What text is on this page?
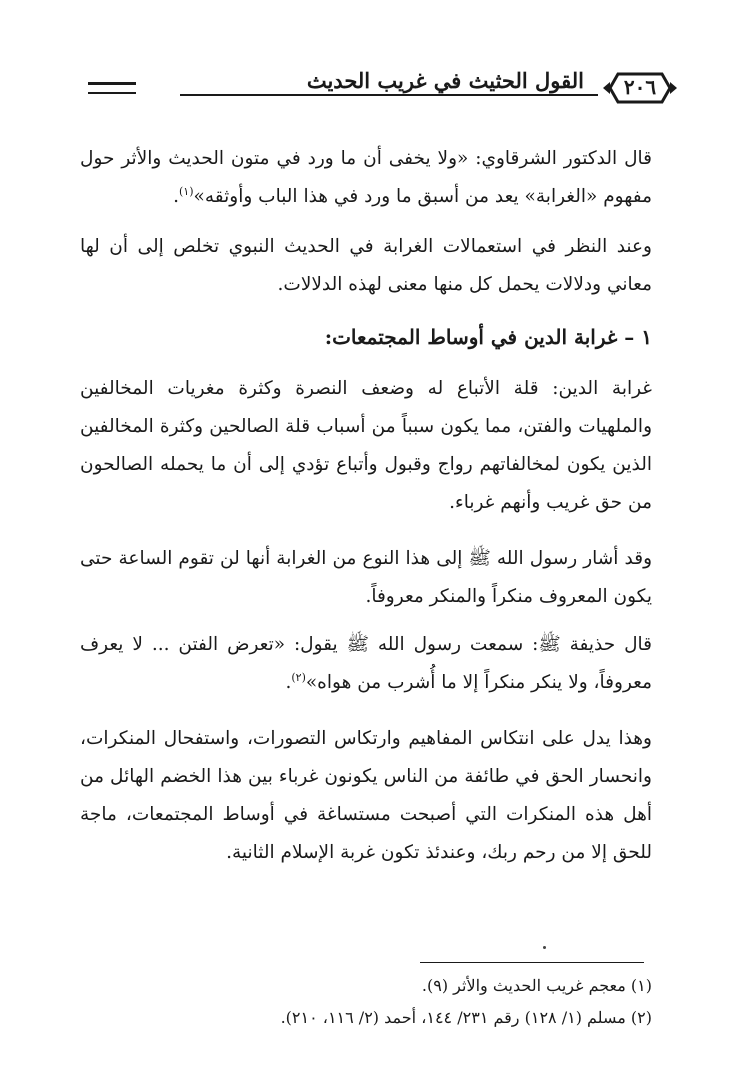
القول الحثيث في غريب الحديث	٢٠٦
قال الدكتور الشرقاوي: «ولا يخفى أن ما ورد في متون الحديث والأثر حول مفهوم «الغرابة» يعد من أسبق ما ورد في هذا الباب وأوثقه»$^{(١)}$.
وعند النظر في استعمالات الغرابة في الحديث النبوي تخلص إلى أن لها معاني ودلالات يحمل كل منها معنى لهذه الدلالات.
١ – غرابة الدين في أوساط المجتمعات:
غرابة الدين: قلة الأتباع له وضعف النصرة وكثرة مغريات المخالفين والملهيات والفتن، مما يكون سبباً من أسباب قلة الصالحين وكثرة المخالفين الذين يكون لمخالفاتهم رواج وقبول وأتباع تؤدي إلى أن ما يحمله الصالحون من حق غريب وأنهم غرباء.
وقد أشار رسول الله ﷺ إلى هذا النوع من الغرابة أنها لن تقوم الساعة حتى يكون المعروف منكراً والمنكر معروفاً.
قال حذيفة ﷺ: سمعت رسول الله ﷺ يقول: «تعرض الفتن ... لا يعرف معروفاً، ولا ينكر منكراً إلا ما أُشرب من هواه»$^{(٢)}$.
وهذا يدل على انتكاس المفاهيم وارتكاس التصورات، واستفحال المنكرات، وانحسار الحق في طائفة من الناس يكونون غرباء بين هذا الخضم الهائل من أهل هذه المنكرات التي أصبحت مستساغة في أوساط المجتمعات، ماجة للحق إلا من رحم ربك، وعندئذ تكون غربة الإسلام الثانية.
(١) معجم غريب الحديث والأثر (٩).
(٢) مسلم (١/ ١٢٨) رقم ٢٣١/ ١٤٤، أحمد (٢/ ١١٦، ٢١٠).
